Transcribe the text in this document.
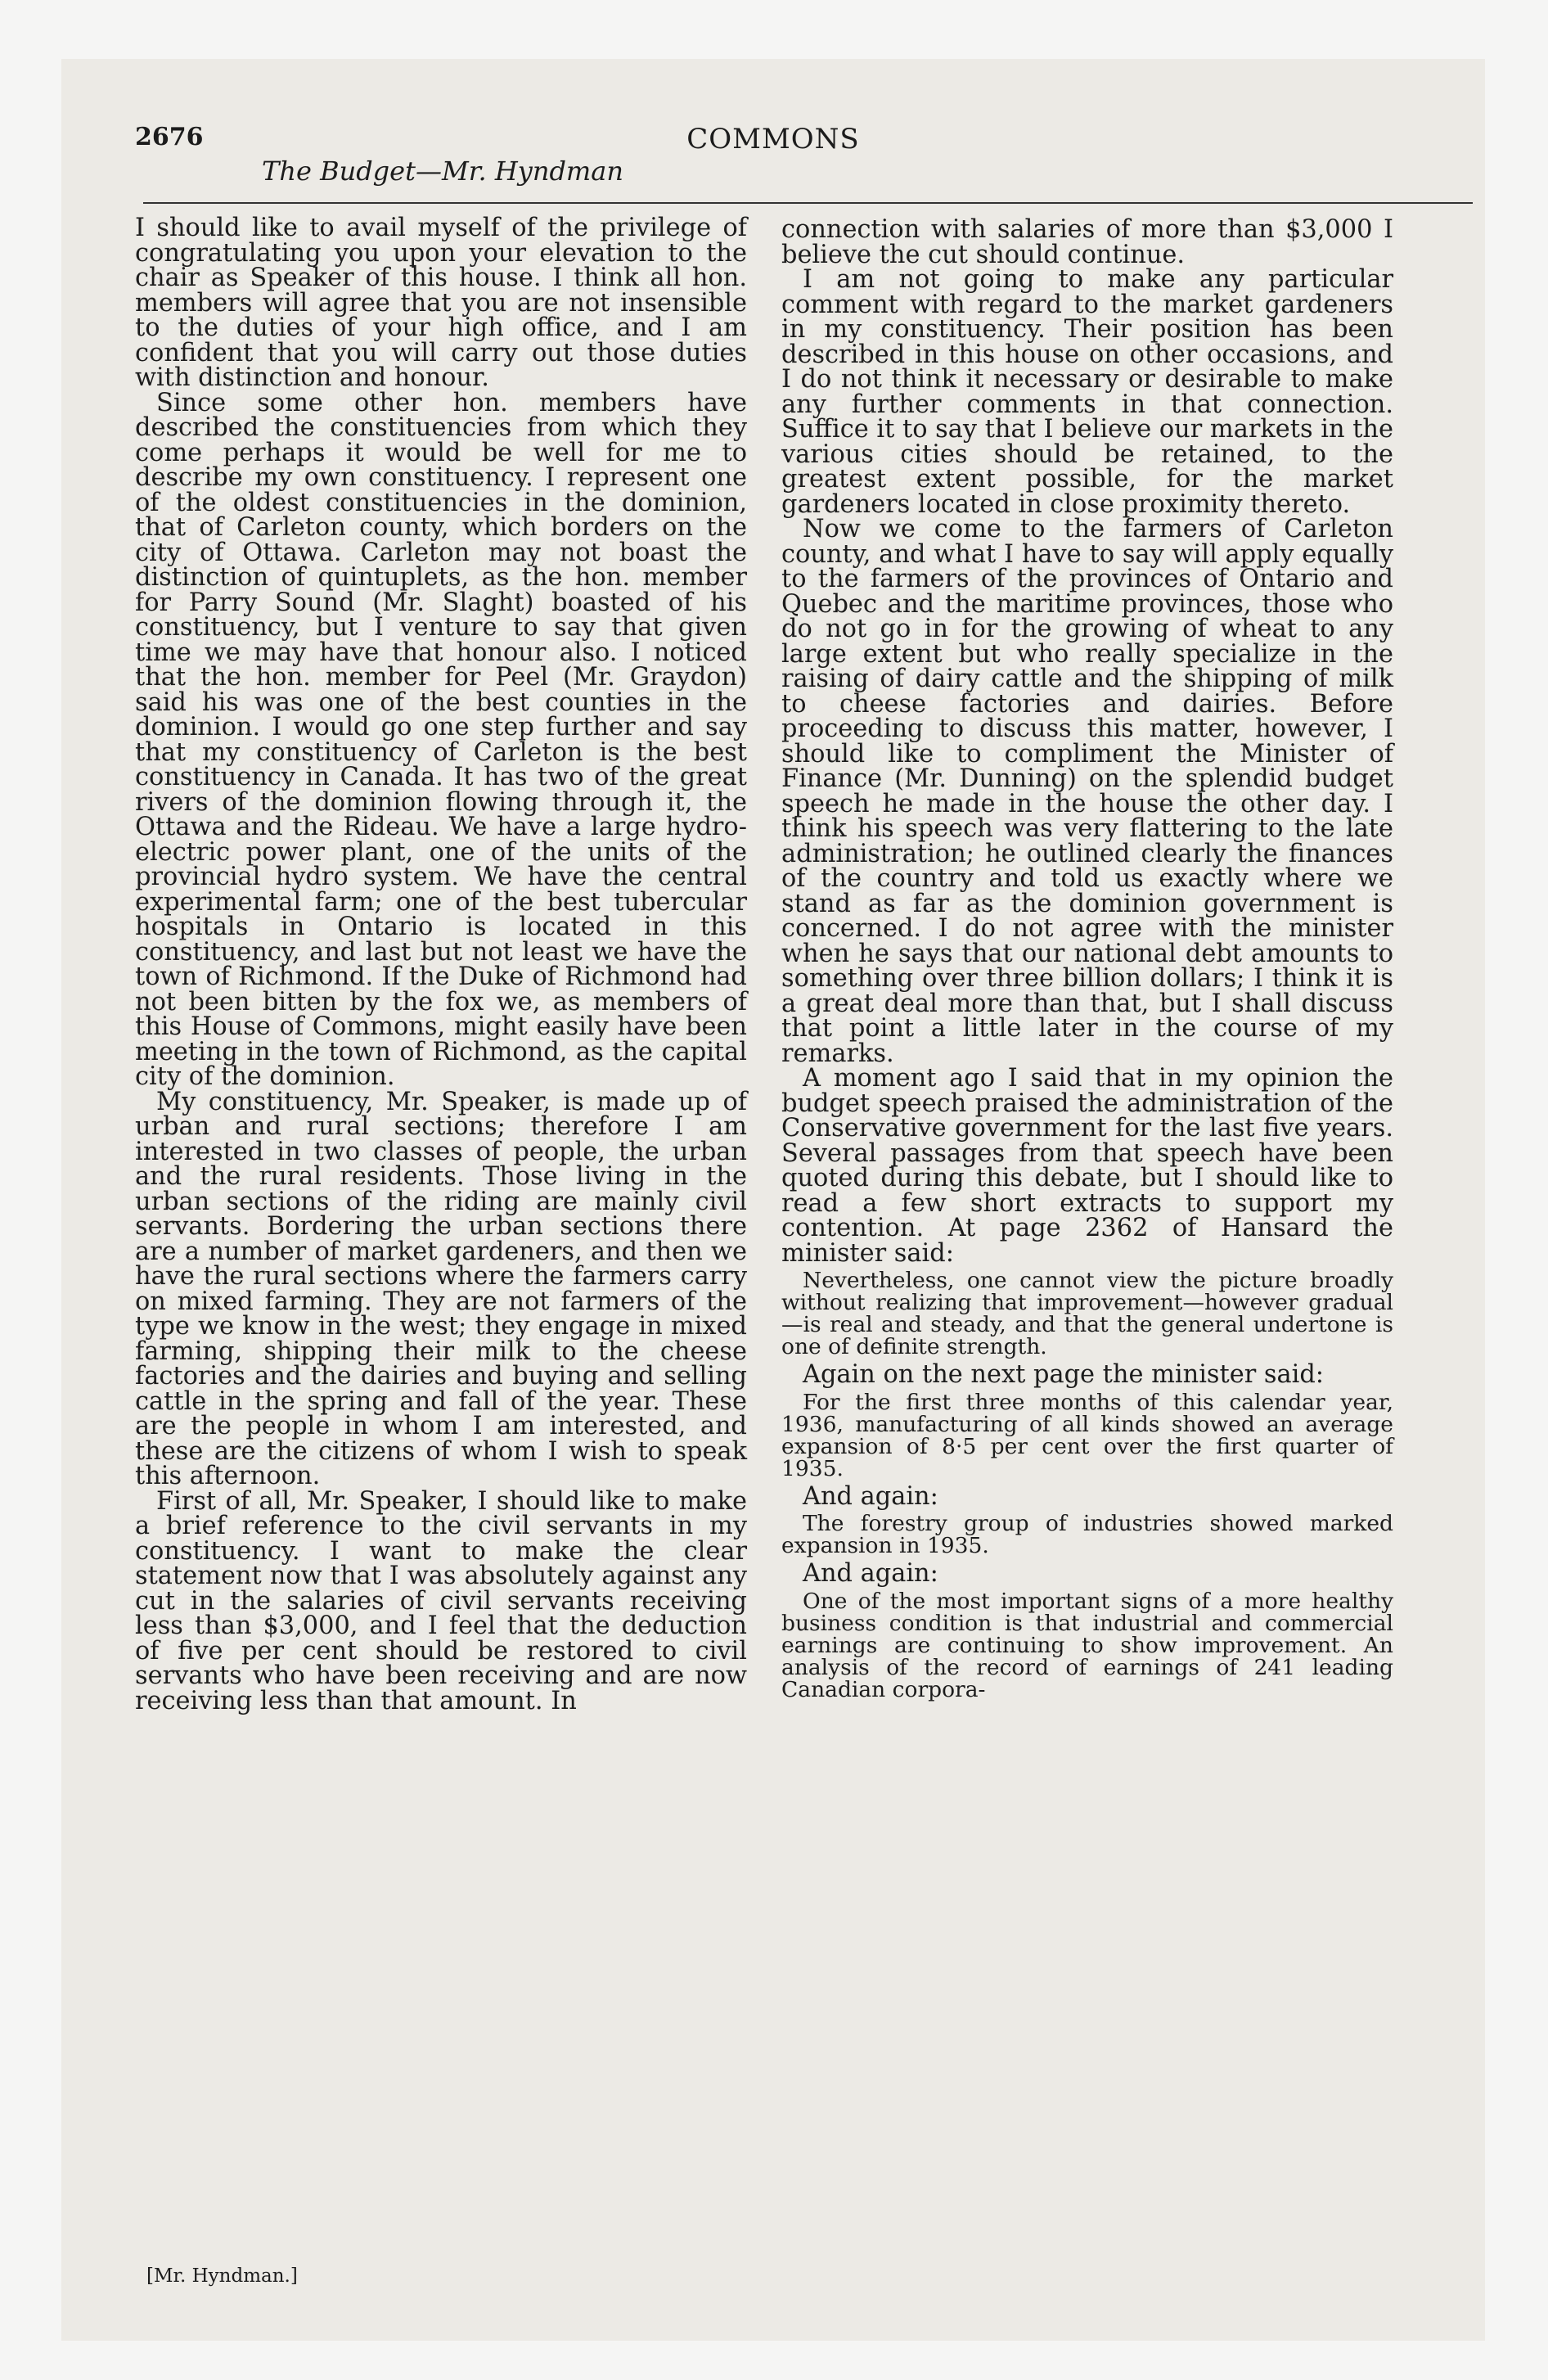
2676
The Budget—Mr. Hyndman
COMMONS

I should like to avail myself of the privilege of congratulating you upon your elevation to the chair as Speaker of this house. I think all hon. members will agree that you are not insensible to the duties of your high office, and I am confident that you will carry out those duties with distinction and honour.

Since some other hon. members have described the constituencies from which they come perhaps it would be well for me to describe my own constituency. I represent one of the oldest constituencies in the dominion, that of Carleton county, which borders on the city of Ottawa. Carleton may not boast the distinction of quintuplets, as the hon. member for Parry Sound (Mr. Slaght) boasted of his constituency, but I venture to say that given time we may have that honour also. I noticed that the hon. member for Peel (Mr. Graydon) said his was one of the best counties in the dominion. I would go one step further and say that my constituency of Carleton is the best constituency in Canada. It has two of the great rivers of the dominion flowing through it, the Ottawa and the Rideau. We have a large hydro-electric power plant, one of the units of the provincial hydro system. We have the central experimental farm; one of the best tubercular hospitals in Ontario is located in this constituency, and last but not least we have the town of Richmond. If the Duke of Richmond had not been bitten by the fox we, as members of this House of Commons, might easily have been meeting in the town of Richmond, as the capital city of the dominion.

My constituency, Mr. Speaker, is made up of urban and rural sections; therefore I am interested in two classes of people, the urban and the rural residents. Those living in the urban sections of the riding are mainly civil servants. Bordering the urban sections there are a number of market gardeners, and then we have the rural sections where the farmers carry on mixed farming. They are not farmers of the type we know in the west; they engage in mixed farming, shipping their milk to the cheese factories and the dairies and buying and selling cattle in the spring and fall of the year. These are the people in whom I am interested, and these are the citizens of whom I wish to speak this afternoon.

First of all, Mr. Speaker, I should like to make a brief reference to the civil servants in my constituency. I want to make the clear statement now that I was absolutely against any cut in the salaries of civil servants receiving less than $3,000, and I feel that the deduction of five per cent should be restored to civil servants who have been receiving and are now receiving less than that amount. In

connection with salaries of more than $3,000 I believe the cut should continue.

I am not going to make any particular comment with regard to the market gardeners in my constituency. Their position has been described in this house on other occasions, and I do not think it necessary or desirable to make any further comments in that connection. Suffice it to say that I believe our markets in the various cities should be retained, to the greatest extent possible, for the market gardeners located in close proximity thereto.

Now we come to the farmers of Carleton county, and what I have to say will apply equally to the farmers of the provinces of Ontario and Quebec and the maritime provinces, those who do not go in for the growing of wheat to any large extent but who really specialize in the raising of dairy cattle and the shipping of milk to cheese factories and dairies. Before proceeding to discuss this matter, however, I should like to compliment the Minister of Finance (Mr. Dunning) on the splendid budget speech he made in the house the other day. I think his speech was very flattering to the late administration; he outlined clearly the finances of the country and told us exactly where we stand as far as the dominion government is concerned. I do not agree with the minister when he says that our national debt amounts to something over three billion dollars; I think it is a great deal more than that, but I shall discuss that point a little later in the course of my remarks.

A moment ago I said that in my opinion the budget speech praised the administration of the Conservative government for the last five years. Several passages from that speech have been quoted during this debate, but I should like to read a few short extracts to support my contention. At page 2362 of Hansard the minister said:

Nevertheless, one cannot view the picture broadly without realizing that improvement—however gradual—is real and steady, and that the general undertone is one of definite strength.

Again on the next page the minister said:

For the first three months of this calendar year, 1936, manufacturing of all kinds showed an average expansion of 8·5 per cent over the first quarter of 1935.

And again:

The forestry group of industries showed marked expansion in 1935.

And again:

One of the most important signs of a more healthy business condition is that industrial and commercial earnings are continuing to show improvement. An analysis of the record of earnings of 241 leading Canadian corpora-

[Mr. Hyndman.]
